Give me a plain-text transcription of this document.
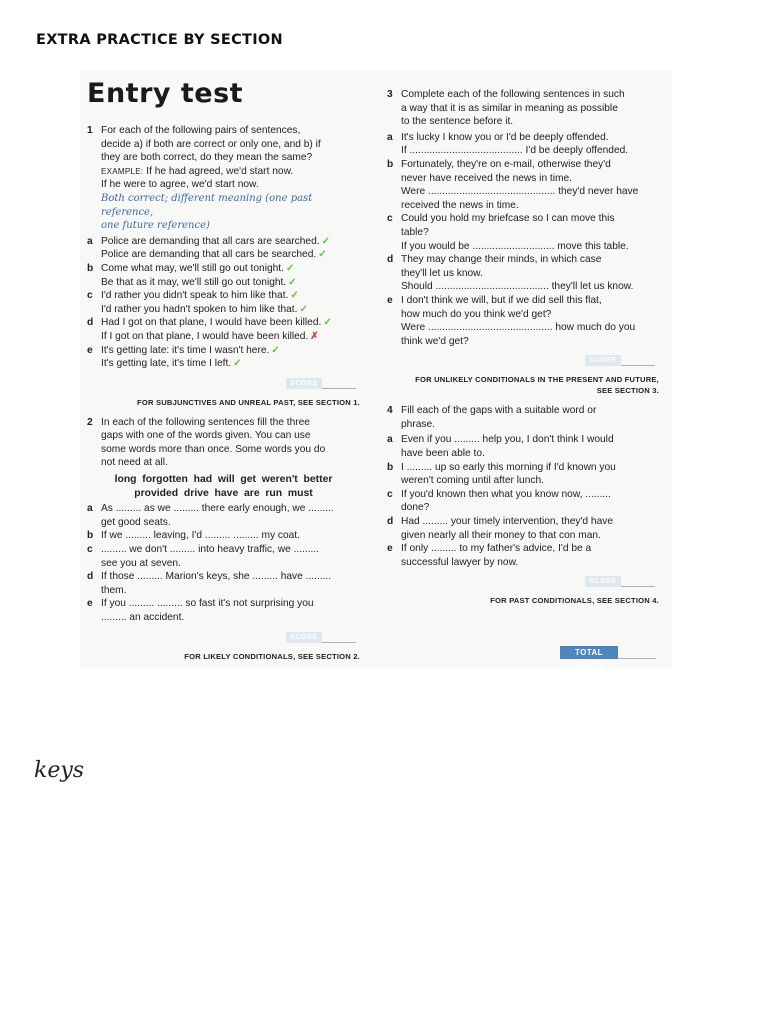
EXTRA PRACTICE BY SECTION
Entry test
1 For each of the following pairs of sentences,
decide a) if both are correct or only one, and b) if
they are both correct, do they mean the same?
EXAMPLE: If he had agreed, we'd start now.
If he were to agree, we'd start now.
Both correct; different meaning (one past reference,
one future reference)
a Police are demanding that all cars are searched. ✓
Police are demanding that all cars be searched. ✓
b Come what may, we'll still go out tonight. ✓
Be that as it may, we'll still go out tonight. ✓
c I'd rather you didn't speak to him like that. ✓
I'd rather you hadn't spoken to him like that. ✓
d Had I got on that plane, I would have been killed. ✓
If I got on that plane, I would have been killed. ✗
e It's getting late: it's time I wasn't here. ✓
It's getting late, it's time I left. ✓
SCORE
FOR SUBJUNCTIVES AND UNREAL PAST, SEE SECTION 1.
2 In each of the following sentences fill the three
gaps with one of the words given. You can use
some words more than once. Some words you do
not need at all.
long  forgotten  had  will  get  weren't  better
provided  drive  have  are  run  must
a As ......... as we ......... there early enough, we .........
get good seats.
b If we ......... leaving, I'd ......... ......... my coat.
c ......... we don't ......... into heavy traffic, we .........
see you at seven.
d If those ......... Marion's keys, she ......... have .........
them.
e If you ......... ......... so fast it's not surprising you
......... an accident.
SCORE
FOR LIKELY CONDITIONALS, SEE SECTION 2.
3 Complete each of the following sentences in such
a way that it is as similar in meaning as possible
to the sentence before it.
a It's lucky I know you or I'd be deeply offended.
If ........................................ I'd be deeply offended.
b Fortunately, they're on e-mail, otherwise they'd
never have received the news in time.
Were ............................................. they'd never have
received the news in time.
c Could you hold my briefcase so I can move this
table?
If you would be ............................. move this table.
d They may change their minds, in which case
they'll let us know.
Should ........................................ they'll let us know.
e I don't think we will, but if we did sell this flat,
how much do you think we'd get?
Were ............................................ how much do you
think we'd get?
SCORE
FOR UNLIKELY CONDITIONALS IN THE PRESENT AND FUTURE,
SEE SECTION 3.
4 Fill each of the gaps with a suitable word or
phrase.
a Even if you ......... help you, I don't think I would
have been able to.
b I ......... up so early this morning if I'd known you
weren't coming until after lunch.
c If you'd known then what you know now, .........
done?
d Had ......... your timely intervention, they'd have
given nearly all their money to that con man.
e If only ......... to my father's advice, I'd be a
successful lawyer by now.
SCORE
FOR PAST CONDITIONALS, SEE SECTION 4.
TOTAL SCORE
keys
